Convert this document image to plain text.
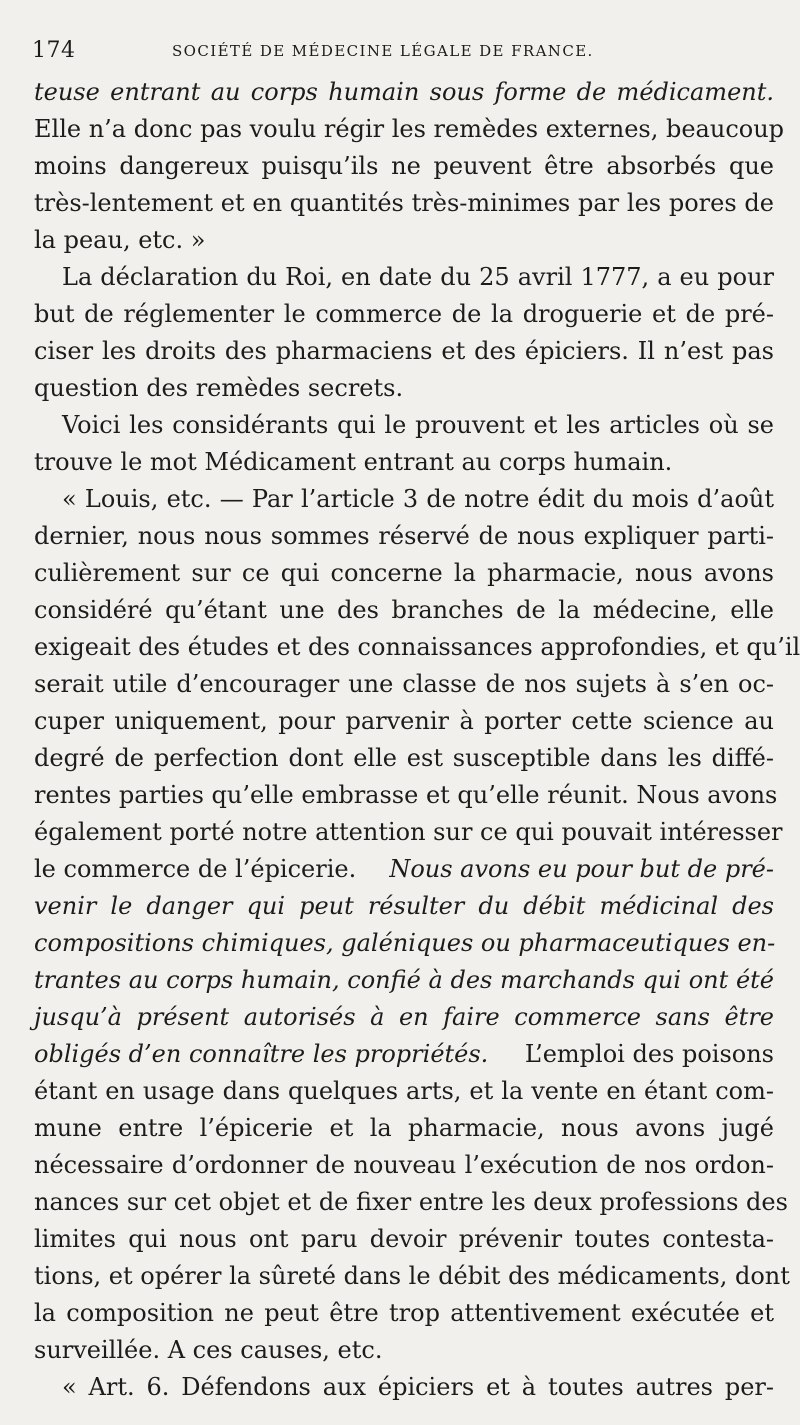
174	SOCIÉTÉ DE MÉDECINE LÉGALE DE FRANCE.
teuse entrant au corps humain sous forme de médicament.
Elle n’a donc pas voulu régir les remèdes externes, beaucoup
moins dangereux puisqu’ils ne peuvent être absorbés que
très-lentement et en quantités très-minimes par les pores de
la peau, etc. »
La déclaration du Roi, en date du 25 avril 1777, a eu pour
but de réglementer le commerce de la droguerie et de pré-
ciser les droits des pharmaciens et des épiciers. Il n’est pas
question des remèdes secrets.
Voici les considérants qui le prouvent et les articles où se
trouve le mot Médicament entrant au corps humain.
« Louis, etc. — Par l’article 3 de notre édit du mois d’août
dernier, nous nous sommes réservé de nous expliquer parti-
culièrement sur ce qui concerne la pharmacie, nous avons
considéré qu’étant une des branches de la médecine, elle
exigeait des études et des connaissances approfondies, et qu’il
serait utile d’encourager une classe de nos sujets à s’en oc-
cuper uniquement, pour parvenir à porter cette science au
degré de perfection dont elle est susceptible dans les diffé-
rentes parties qu’elle embrasse et qu’elle réunit. Nous avons
également porté notre attention sur ce qui pouvait intéresser
le commerce de l’épicerie. Nous avons eu pour but de pré-
venir le danger qui peut résulter du débit médicinal des
compositions chimiques, galéniques ou pharmaceutiques en-
trantes au corps humain, confié à des marchands qui ont été
jusqu’à présent autorisés à en faire commerce sans être
obligés d’en connaître les propriétés. L’emploi des poisons
étant en usage dans quelques arts, et la vente en étant com-
mune entre l’épicerie et la pharmacie, nous avons jugé
nécessaire d’ordonner de nouveau l’exécution de nos ordon-
nances sur cet objet et de fixer entre les deux professions des
limites qui nous ont paru devoir prévenir toutes contesta-
tions, et opérer la sûreté dans le débit des médicaments, dont
la composition ne peut être trop attentivement exécutée et
surveillée. A ces causes, etc.
« Art. 6. Défendons aux épiciers et à toutes autres per-
